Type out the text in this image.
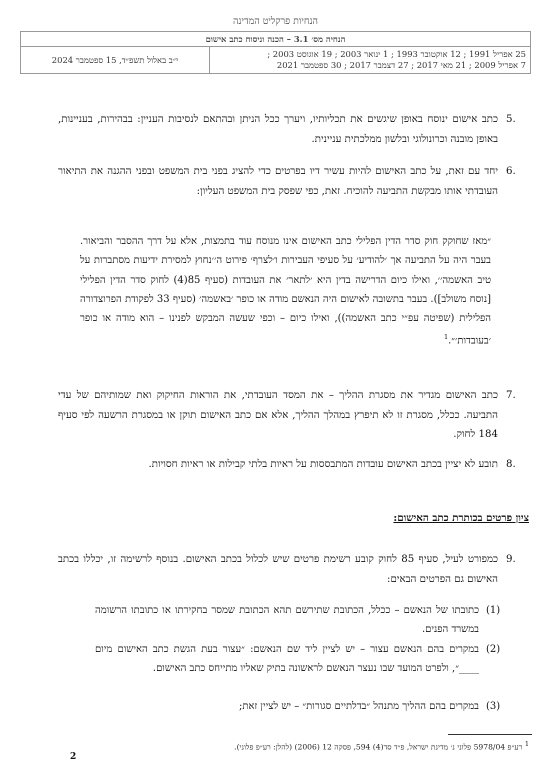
הנחיות פרקליט המדינה
הנחיה מס׳ 3.1 – הכנה וניסוח כתב אישום
י״ב באלול תשפ״ד, 15 ספטמבר 2024	
25 אפריל 1991 ; 12 אוקטובר 1993 ; 1 ינואר 2003 ; 19 אוגוסט 2003 ;
7 אפריל 2009 ; 21 מאי 2017 ; 27 דצמבר 2017 ; 30 ספטמבר 2021
5.
כתב אישום ינוסח באופן שיגשים את תכליותיו, ויערך ככל הניתן ובהתאם לנסיבות העניין: בבהירות, בעניינות, באופן מובנה וכרונולוגי ובלשון ממלכתית עניינית.
6.
יחד עם זאת, על כתב האישום להיות עשיר דיו בפרטים כדי להציג בפני בית המשפט ובפני ההגנה את התיאור העובדתי אותו מבקשת התביעה להוכיח. זאת, כפי שפסק בית המשפט העליון:
״מאז שחוקק חוק סדר הדין הפלילי כתב האישום אינו מנוסח עוד בתמצות, אלא על דרך ההסבר והביאור. בעבר היה על התביעה אך ׳להודיע׳ על סעיפי העבירות ו׳לצרף׳ פירוט ה׳׳נחוץ למסירת ידיעות מסתברות על טיב האשמה׳׳, ואילו כיום הדרישה בדין היא ׳לתאר׳ את העובדות (סעיף 85(4) לחוק סדר הדין הפלילי [נוסח משולב]). בעבר בתשובה לאישום היה הנאשם מודה או כופר ׳באשמה׳ (סעיף 33 לפקודת הפרוצדורה הפלילית (שפיטה עפ״י כתב האשמה)), ואילו כיום – וכפי שעשה המבקש לפנינו – הוא מודה או כופר ׳בעובדות׳״.$^1$
7.
כתב האישום מגדיר את מסגרת ההליך – את המסד העובדתי, את הוראות החיקוק ואת שמותיהם של עדי התביעה. ככלל, מסגרת זו לא תיפרץ במהלך ההליך, אלא אם כתב האישום תוקן או במסגרת הרשעה לפי סעיף 184 לחוק.
8.
תובע לא יציין בכתב האישום עובדות המתבססות על ראיות בלתי קבילות או ראיות חסויות.
ציון פרטים בכותרת כתב האישום:
9.
כמפורט לעיל, סעיף 85 לחוק קובע רשימת פרטים שיש לכלול בכתב האישום. בנוסף לרשימה זו, יכללו בכתב האישום גם הפרטים הבאים:
(1)
כתובתו של הנאשם – ככלל, הכתובת שתירשם תהא הכתובת שמסר בחקירתו או כתובתו הרשומה במשרד הפנים.
(2)
במקרים בהם הנאשם עצור – יש לציין ליד שם הנאשם: ״עצור בעת הגשת כתב האישום מיום ____״, ולפרט המועד שבו נעצר הנאשם לראשונה בתיק שאליו מתייחס כתב האישום.
(3)
במקרים בהם ההליך מתנהל ״בדלתיים סגורות״ – יש לציין זאת;
$^1$ רע״פ 5978/04 פלוני נ׳ מדינת ישראל, פ״ד סד(4) 594, פסקה 12 (2006) (להלן: רע״פ פלוני).
2
